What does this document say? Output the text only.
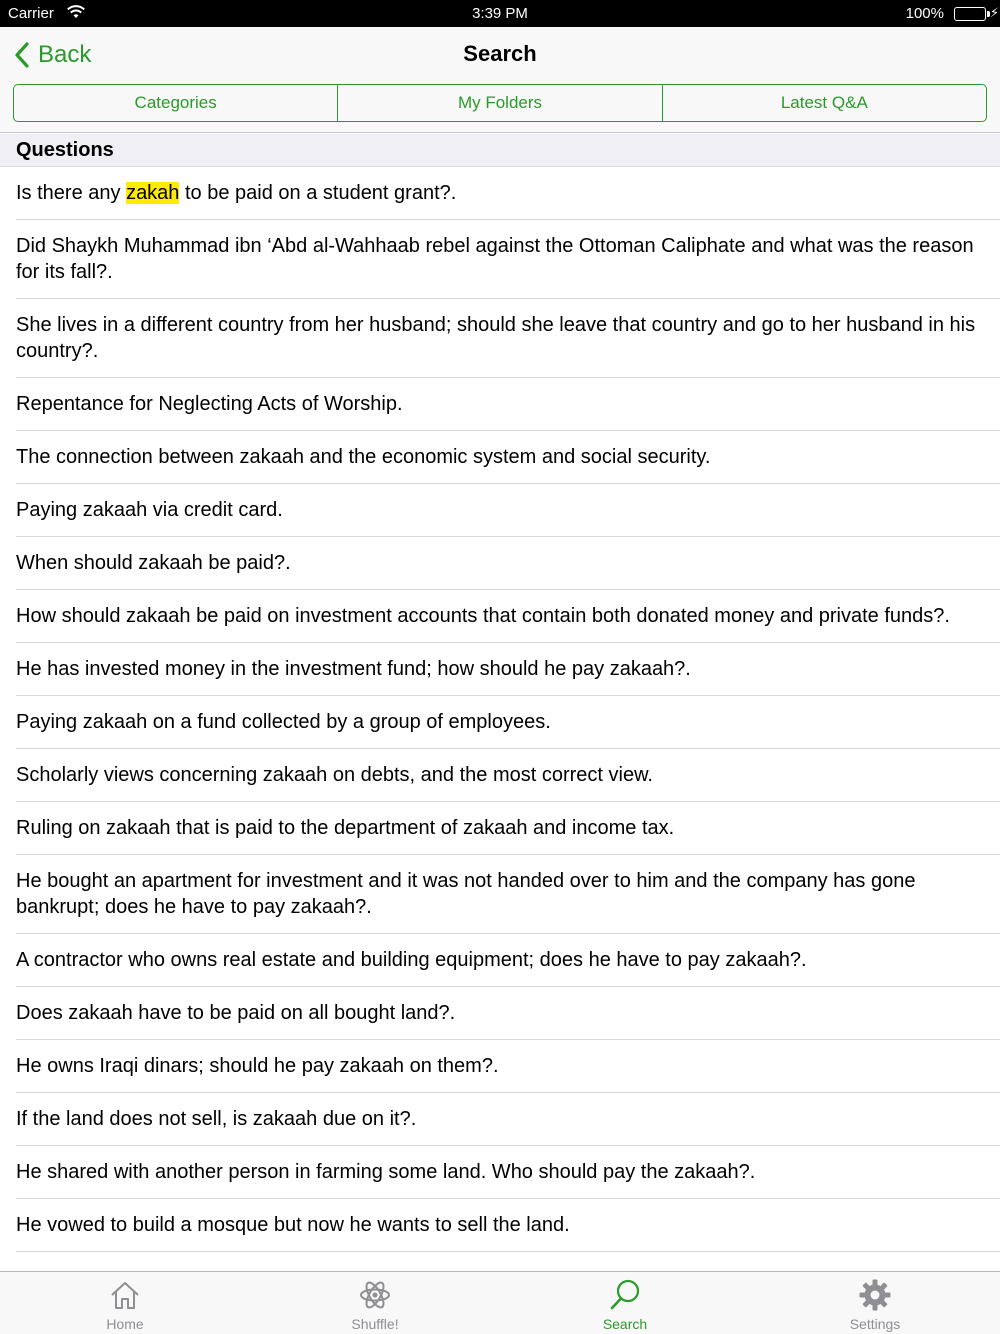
Carrier	3:39 PM	100%	⚡
Back	Search
Categories	My Folders	Latest Q&A
Questions
Is there any zakah to be paid on a student grant?.
Did Shaykh Muhammad ibn ‘Abd al-Wahhaab rebel against the Ottoman Caliphate and what was the reason for its fall?.
She lives in a different country from her husband; should she leave that country and go to her husband in his country?.
Repentance for Neglecting Acts of Worship.
The connection between zakaah and the economic system and social security.
Paying zakaah via credit card.
When should zakaah be paid?.
How should zakaah be paid on investment accounts that contain both donated money and private funds?.
He has invested money in the investment fund; how should he pay zakaah?.
Paying zakaah on a fund collected by a group of employees.
Scholarly views concerning zakaah on debts, and the most correct view.
Ruling on zakaah that is paid to the department of zakaah and income tax.
He bought an apartment for investment and it was not handed over to him and the company has gone bankrupt; does he have to pay zakaah?.
A contractor who owns real estate and building equipment; does he have to pay zakaah?.
Does zakaah have to be paid on all bought land?.
He owns Iraqi dinars; should he pay zakaah on them?.
If the land does not sell, is zakaah due on it?.
He shared with another person in farming some land. Who should pay the zakaah?.
He vowed to build a mosque but now he wants to sell the land.
Home	Shuffle!	Search	Settings
